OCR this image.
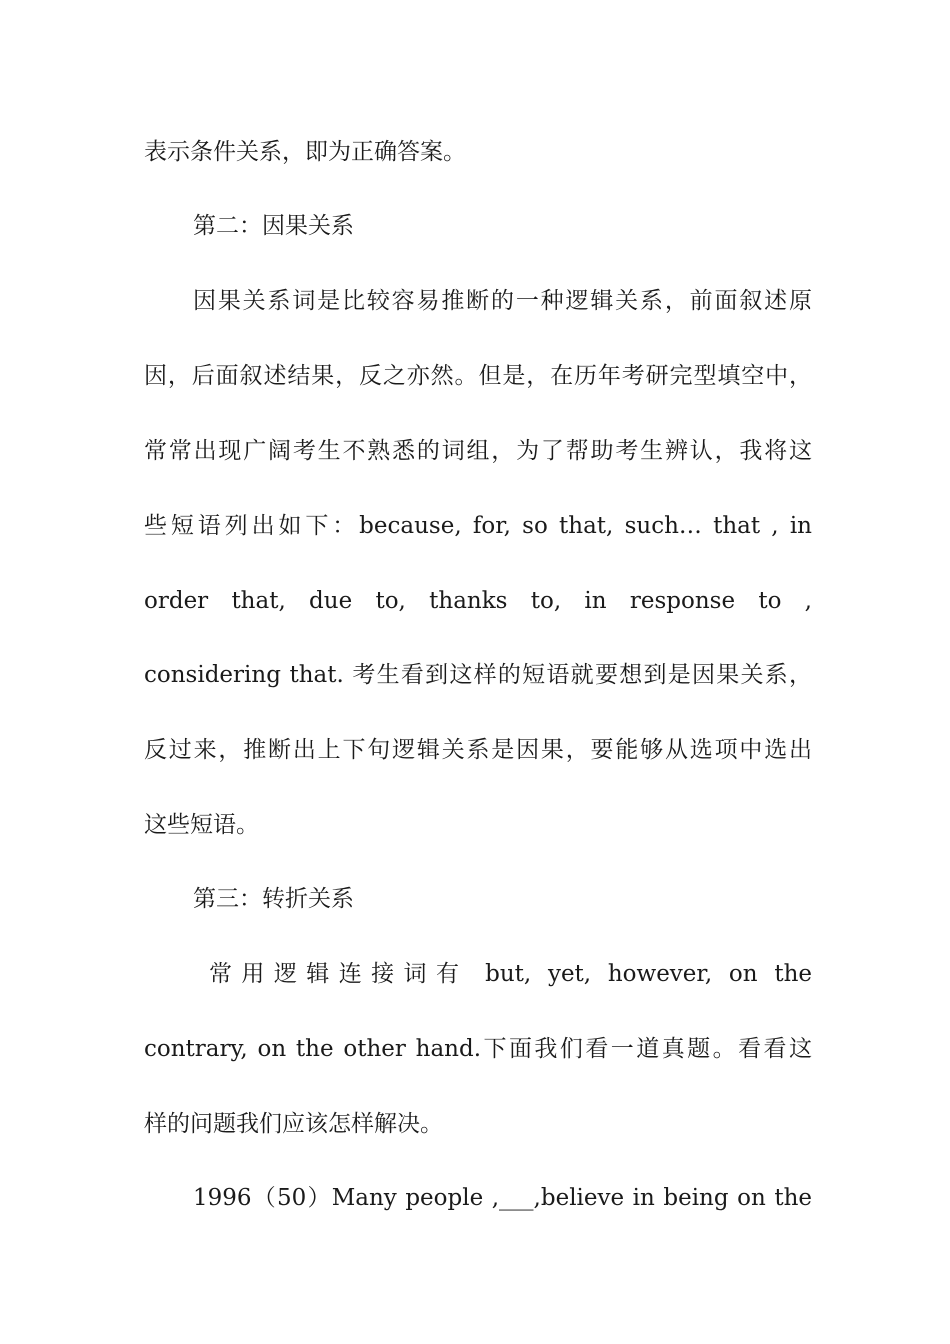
表示条件关系，即为正确答案。
第二：因果关系
因果关系词是比较容易推断的一种逻辑关系，前面叙述原
因，后面叙述结果，反之亦然。但是，在历年考研完型填空中，
常常出现广阔考生不熟悉的词组，为了帮助考生辨认，我将这
些短语列出如下：because, for, so that, such… that , in
order that, due to, thanks to, in response to ,
considering that. 考生看到这样的短语就要想到是因果关系，
反过来，推断出上下句逻辑关系是因果，要能够从选项中选出
这些短语。
第三：转折关系
常用逻辑连接词有 but, yet, however, on the
contrary, on the other hand.下面我们看一道真题。看看这
样的问题我们应该怎样解决。
1996（50）Many people ,___,believe in being on the
